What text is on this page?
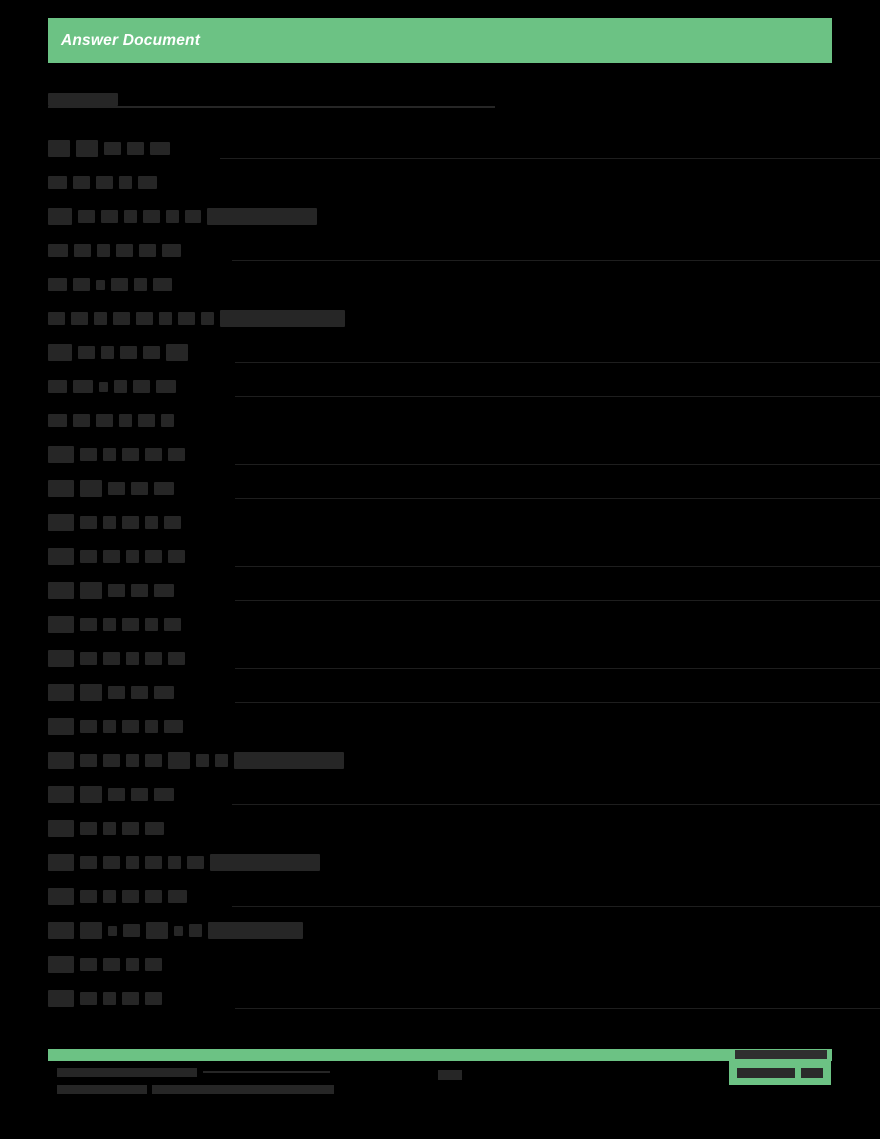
Answer Document
